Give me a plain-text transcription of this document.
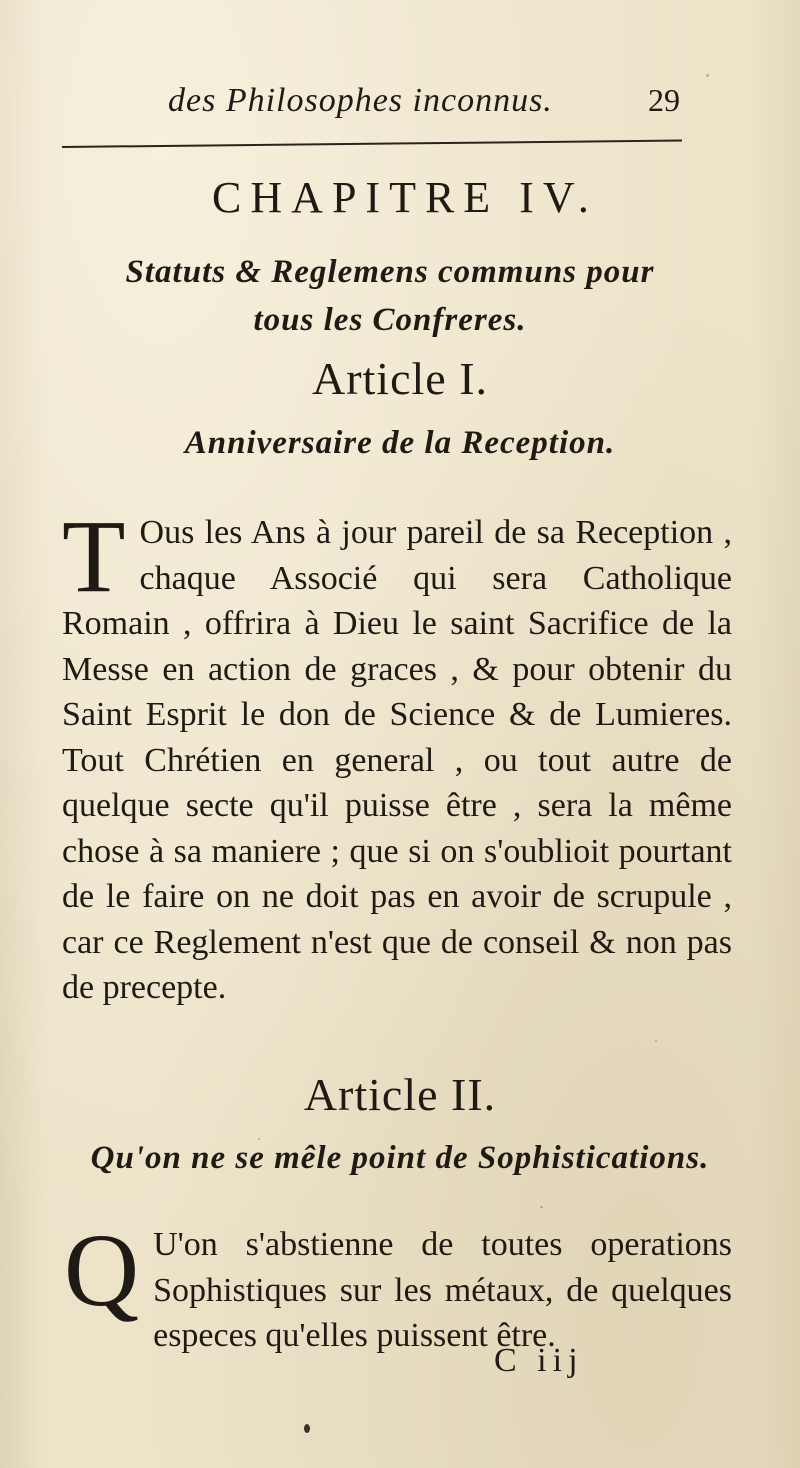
des Philosophes inconnus.	29
CHAPITRE IV.
Statuts & Reglemens communs pour
tous les Confreres.
Article I.
Anniversaire de la Reception.

T Ous les Ans à jour pareil de sa Reception , chaque Associé qui sera Catholique Romain , offrira à Dieu le saint Sacrifice de la Messe en action de graces , & pour obtenir du Saint Esprit le don de Science & de Lumieres. Tout Chrétien en general , ou tout autre de quelque secte qu'il puisse être , sera la même chose à sa maniere ; que si on s'oublioit pourtant de le faire on ne doit pas en avoir de scrupule , car ce Reglement n'est que de conseil & non pas de precepte.

Article II.
Qu'on ne se mêle point de Sophistications.

Q U'on s'abstienne de toutes operations Sophistiques sur les métaux, de quelques especes qu'elles puissent être.

C iij
